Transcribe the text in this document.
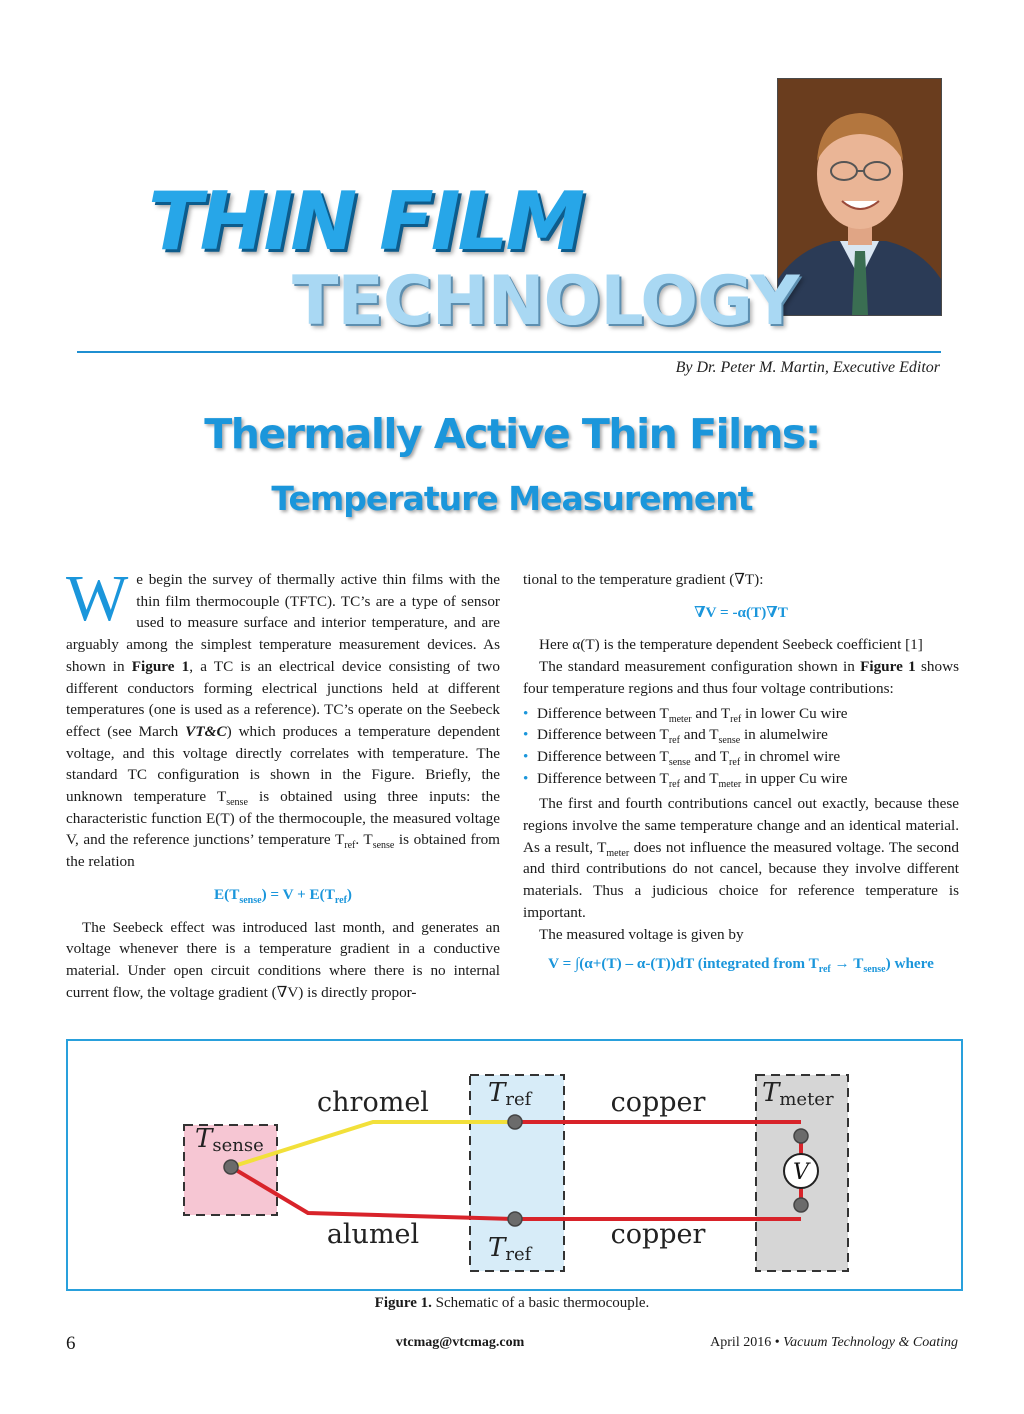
THIN FILM
TECHNOLOGY
By Dr. Peter M. Martin, Executive Editor
Thermally Active Thin Films:
Temperature Measurement

We begin the survey of thermally active thin films with the thin film thermocouple (TFTC). TC’s are a type of sensor used to measure surface and interior temperature, and are arguably among the simplest temperature measurement devices. As shown in Figure 1, a TC is an electrical device consisting of two different conductors forming electrical junctions held at different temperatures (one is used as a reference). TC’s operate on the Seebeck effect (see March VT&C) which produces a temperature dependent voltage, and this voltage directly correlates with temperature. The standard TC configuration is shown in the Figure. Briefly, the unknown temperature $T_{sense}$ is obtained using three inputs: the characteristic function E(T) of the thermocouple, the measured voltage V, and the reference junctions’ temperature $T_{ref}$. $T_{sense}$ is obtained from the relation

$E(T_{sense}) = V + E(T_{ref})$

The Seebeck effect was introduced last month, and generates an voltage whenever there is a temperature gradient in a conductive material. Under open circuit conditions where there is no internal current flow, the voltage gradient (∇V) is directly propor-

tional to the temperature gradient (∇T):

∇V = -α(T)∇T

Here α(T) is the temperature dependent Seebeck coefficient [1]

The standard measurement configuration shown in Figure 1 shows four temperature regions and thus four voltage contributions:

• Difference between $T_{meter}$ and $T_{ref}$ in lower Cu wire
• Difference between $T_{ref}$ and $T_{sense}$ in alumelwire
• Difference between $T_{sense}$ and $T_{ref}$ in chromel wire
• Difference between $T_{ref}$ and $T_{meter}$ in upper Cu wire

The first and fourth contributions cancel out exactly, because these regions involve the same temperature change and an identical material. As a result, $T_{meter}$ does not influence the measured voltage. The second and third contributions do not cancel, because they involve different materials. Thus a judicious choice for reference temperature is important.

The measured voltage is given by

V = ∫(α+(T) – α-(T))dT (integrated from $T_{ref} \to T_{sense}$) where

V
chromel
alumel
copper
copper
Tsense
Tref
Tref
Tmeter

Figure 1. Schematic of a basic thermocouple.

6	vtcmag@vtcmag.com	April 2016 • Vacuum Technology & Coating
